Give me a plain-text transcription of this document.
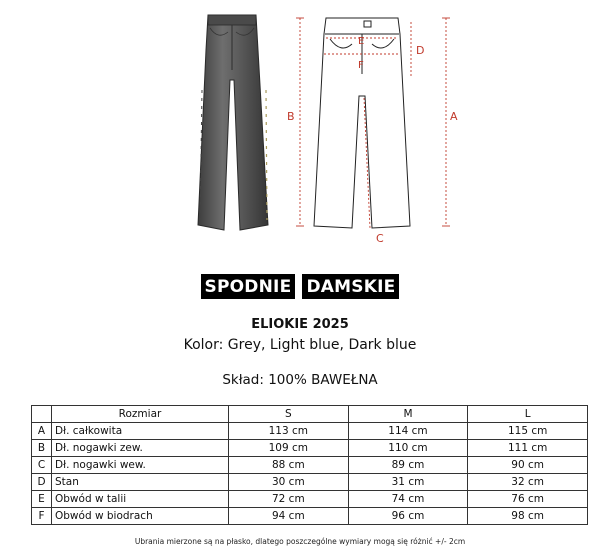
A
B
C
D
E
F
SPODNIE DAMSKIE
ELIOKIE 2025
Kolor: Grey, Light blue, Dark blue
Skład: 100% BAWEŁNA
	Rozmiar	S	M	L
A	Dł. całkowita	113 cm	114 cm	115 cm
B	Dł. nogawki zew.	109 cm	110 cm	111 cm
C	Dł. nogawki wew.	88 cm	89 cm	90 cm
D	Stan	30 cm	31 cm	32 cm
E	Obwód w talii	72 cm	74 cm	76 cm
F	Obwód w biodrach	94 cm	96 cm	98 cm
Ubrania mierzone są na płasko, dlatego poszczególne wymiary mogą się różnić +/- 2cm
